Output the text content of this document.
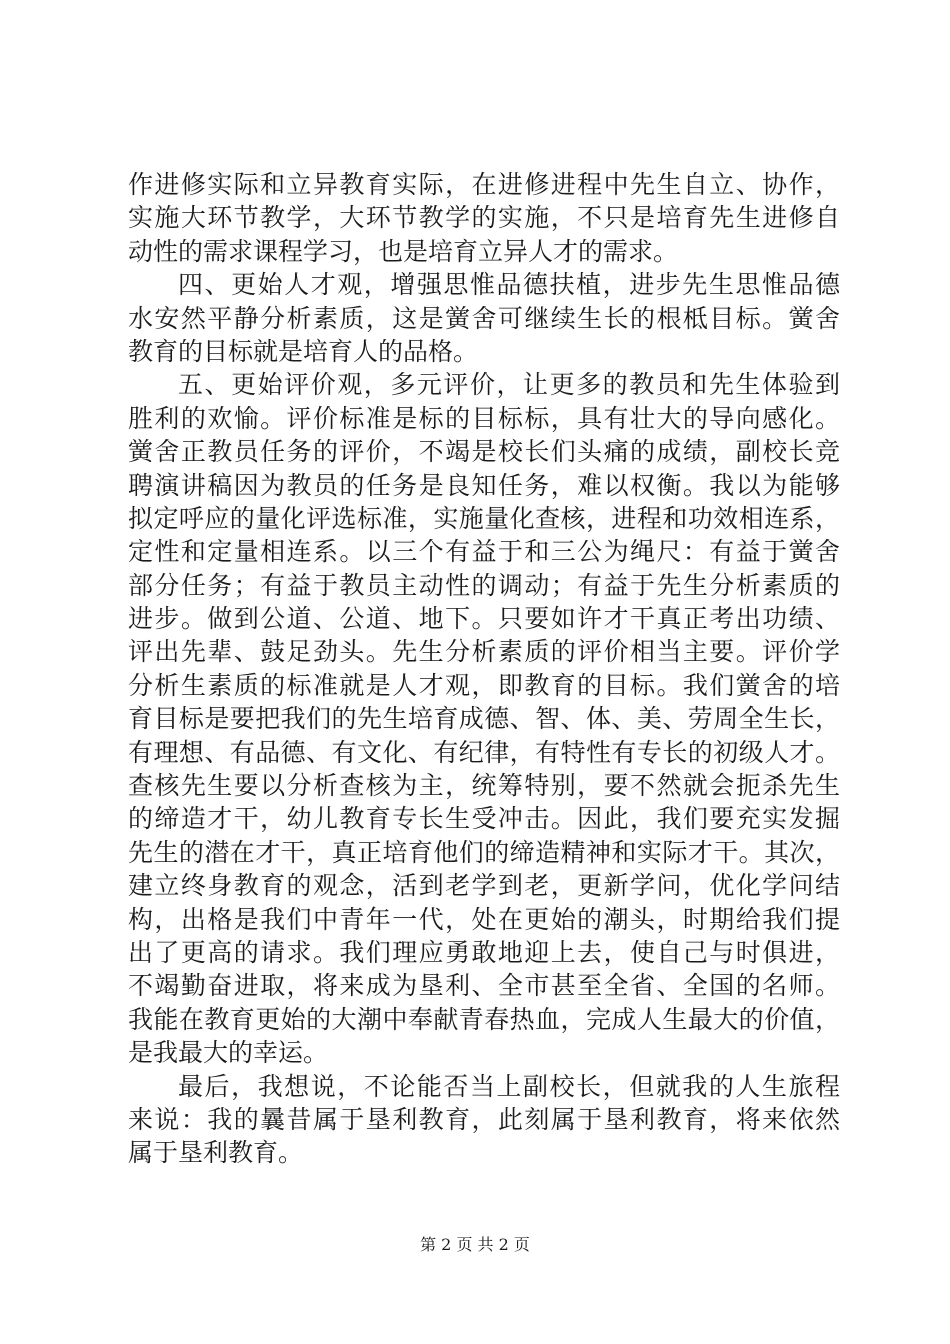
作进修实际和立异教育实际，在进修进程中先生自立、协作，
实施大环节教学，大环节教学的实施，不只是培育先生进修自
动性的需求课程学习，也是培育立异人才的需求。
四、更始人才观，增强思惟品德扶植，进步先生思惟品德
水安然平静分析素质，这是黉舍可继续生长的根柢目标。黉舍
教育的目标就是培育人的品格。
五、更始评价观，多元评价，让更多的教员和先生体验到
胜利的欢愉。评价标准是标的目标标，具有壮大的导向感化。
黉舍正教员任务的评价，不竭是校长们头痛的成绩，副校长竞
聘演讲稿因为教员的任务是良知任务，难以权衡。我以为能够
拟定呼应的量化评选标准，实施量化查核，进程和功效相连系，
定性和定量相连系。以三个有益于和三公为绳尺：有益于黉舍
部分任务；有益于教员主动性的调动；有益于先生分析素质的
进步。做到公道、公道、地下。只要如许才干真正考出功绩、
评出先辈、鼓足劲头。先生分析素质的评价相当主要。评价学
分析生素质的标准就是人才观，即教育的目标。我们黉舍的培
育目标是要把我们的先生培育成德、智、体、美、劳周全生长，
有理想、有品德、有文化、有纪律，有特性有专长的初级人才。
查核先生要以分析查核为主，统筹特别，要不然就会扼杀先生
的缔造才干，幼儿教育专长生受冲击。因此，我们要充实发掘
先生的潜在才干，真正培育他们的缔造精神和实际才干。其次，
建立终身教育的观念，活到老学到老，更新学问，优化学问结
构，出格是我们中青年一代，处在更始的潮头，时期给我们提
出了更高的请求。我们理应勇敢地迎上去，使自己与时俱进，
不竭勤奋进取，将来成为垦利、全市甚至全省、全国的名师。
我能在教育更始的大潮中奉献青春热血，完成人生最大的价值，
是我最大的幸运。
最后，我想说，不论能否当上副校长，但就我的人生旅程
来说：我的曩昔属于垦利教育，此刻属于垦利教育，将来依然
属于垦利教育。
第 2 页 共 2 页
